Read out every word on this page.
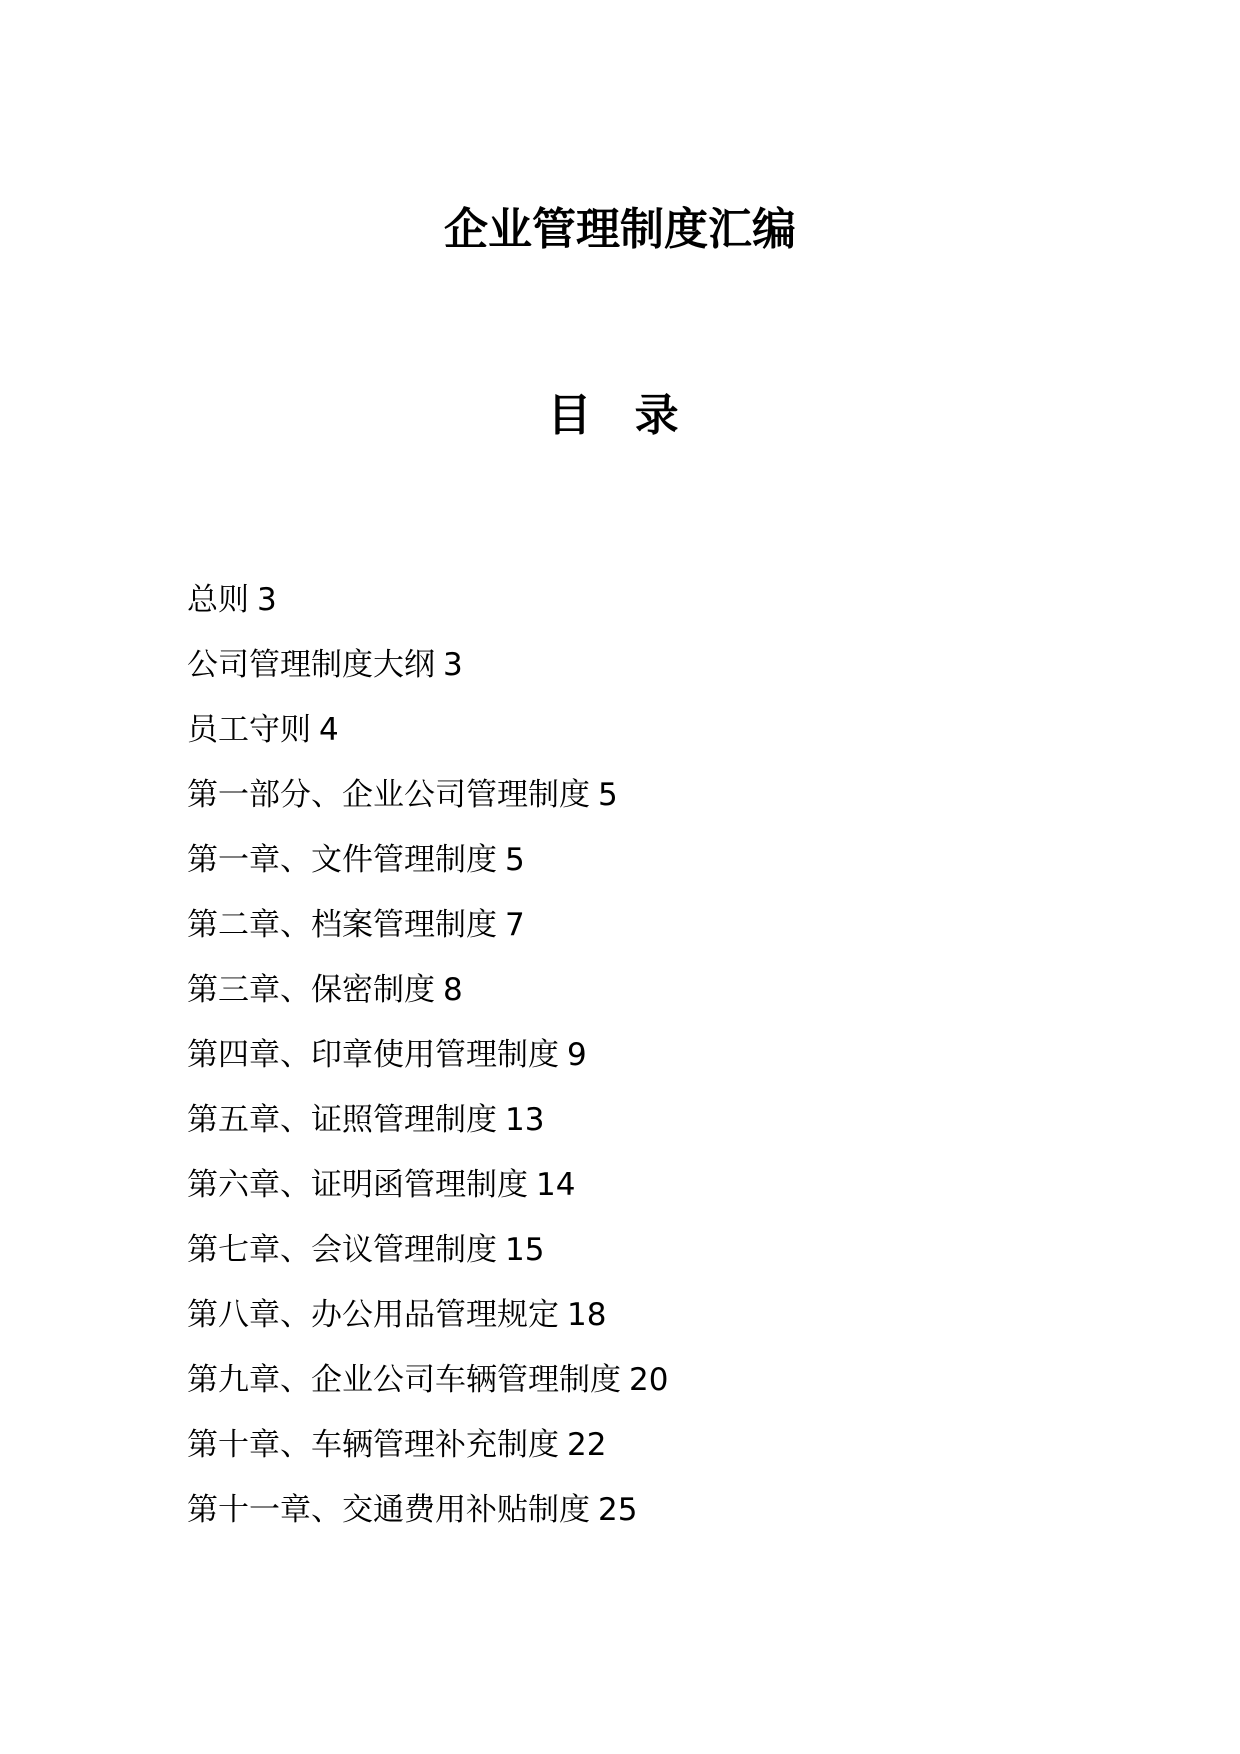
企业管理制度汇编
目 录
总则 3
公司管理制度大纲 3
员工守则 4
第一部分、企业公司管理制度 5
第一章、文件管理制度 5
第二章、档案管理制度 7
第三章、保密制度 8
第四章、印章使用管理制度 9
第五章、证照管理制度 13
第六章、证明函管理制度 14
第七章、会议管理制度 15
第八章、办公用品管理规定 18
第九章、企业公司车辆管理制度 20
第十章、车辆管理补充制度 22
第十一章、交通费用补贴制度 25
